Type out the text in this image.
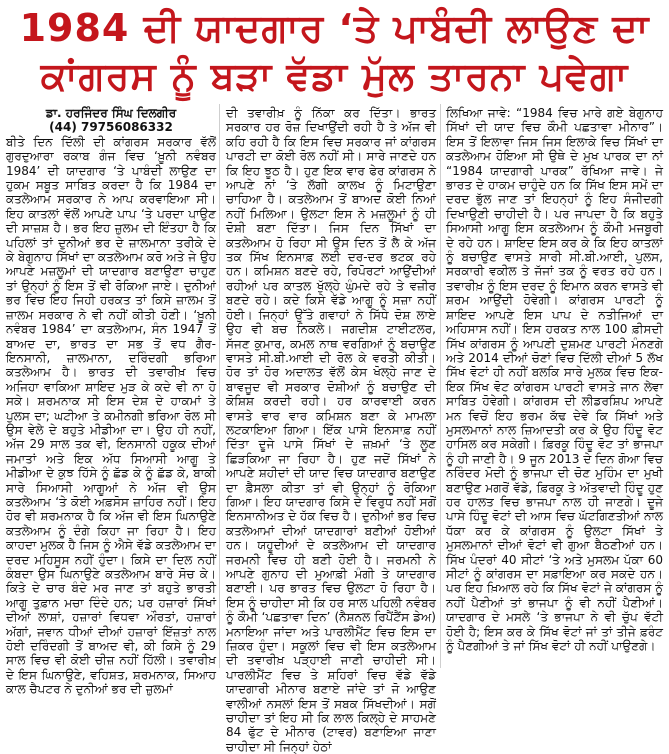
1984 ਦੀ ਯਾਦਗਾਰ ‘ਤੇ ਪਾਬੰਦੀ ਲਾਉਣ ਦਾ
ਕਾਂਗਰਸ ਨੂੰ ਬੜਾ ਵੱਡਾ ਮੁੱਲ ਤਾਰਨਾ ਪਵੇਗਾ

ਡਾ. ਹਰਜਿੰਦਰ ਸਿੰਘ ਦਿਲਗੀਰ

(44) 79756086332

ਬੀਤੇ ਦਿਨ ਦਿੱਲੀ ਦੀ ਕਾਂਗਰਸ ਸਰਕਾਰ ਵੱਲੋਂ ਗੁਰਦੁਆਰਾ ਰਕਾਬ ਗੰਜ ਵਿਚ ‘ਖ਼ੂਨੀ ਨਵੰਬਰ 1984’ ਦੀ ਯਾਦਗਾਰ ‘ਤੇ ਪਾਬੰਦੀ ਲਾਉਣ ਦਾ ਹੁਕਮ ਸਬੂਤ ਸਾਬਿਤ ਕਰਦਾ ਹੈ ਕਿ 1984 ਦਾ ਕਤਲੇਆਮ ਸਰਕਾਰ ਨੇ ਆਪ ਕਰਵਾਇਆ ਸੀ। ਇਹ ਕਾਤਲਾਂ ਵੱਲੋਂ ਆਪਣੇ ਪਾਪ ‘ਤੇ ਪਰਦਾ ਪਾਉਣ ਦੀ ਸਾਜ਼ਸ਼ ਹੈ। ਭਰ ਇਹ ਜ਼ੁਲਮ ਦੀ ਇੰਤਹਾ ਹੈ ਕਿ ਪਹਿਲਾਂ ਤਾਂ ਦੁਨੀਆਂ ਭਰ ਦੇ ਜ਼ਾਲਮਾਨਾ ਤਰੀਕੇ ਦੇ ਕੇ ਬੇਗੁਨਾਹ ਸਿੱਖਾਂ ਦਾ ਕਤਲੇਆਮ ਕਰੋ ਅਤੇ ਜੇ ਉਹ ਆਪਣੇ ਮਜ਼ਲੂਮਾਂ ਦੀ ਯਾਦਗਾਰ ਬਣਾਉਣਾ ਚਾਹੁਣ ਤਾਂ ਉਨ੍ਹਾਂ ਨੂੰ ਇਸ ਤੋਂ ਵੀ ਰੋਕਿਆ ਜਾਏ। ਦੁਨੀਆਂ ਭਰ ਵਿਚ ਇਹ ਜਿਹੀ ਹਰਕਤ ਤਾਂ ਕਿਸੇ ਜ਼ਾਲਮ ਤੋਂ ਜ਼ਾਲਮ ਸਰਕਾਰ ਨੇ ਵੀ ਨਹੀਂ ਕੀਤੀ ਹੋਣੀ। ‘ਖ਼ੂਨੀ ਨਵੰਬਰ 1984’ ਦਾ ਕਤਲੇਆਮ, ਸੰਨ 1947 ਤੋਂ ਬਾਅਦ ਦਾ, ਭਾਰਤ ਦਾ ਸਭ ਤੋਂ ਵਧ ਗੈਰ-ਇਨਸਾਨੀ, ਜ਼ਾਲਮਾਨਾ, ਦਰਿੰਦਗੀ ਭਰਿਆ ਕਤਲੇਆਮ ਹੈ। ਭਾਰਤ ਦੀ ਤਵਾਰੀਖ਼ ਵਿਚ ਅਜਿਹਾ ਵਾਕਿਆ ਸ਼ਾਇਦ ਮੁੜ ਕੇ ਕਦੇ ਵੀ ਨਾ ਹੋ ਸਕੇ। ਸ਼ਰਮਨਾਕ ਸੀ ਇਸ ਦੇਸ਼ ਦੇ ਹਾਕਮਾਂ ਤੇ ਪੁਲਸ ਦਾ; ਘਟੀਆ ਤੇ ਕਮੀਨਗੀ ਭਰਿਆ ਰੋਲ ਸੀ ਉਸ ਵੇਲੇ ਦੇ ਬਹੁਤੇ ਮੀਡੀਆ ਦਾ। ਉਹ ਹੀ ਨਹੀਂ, ਅੱਜ 29 ਸਾਲ ਤਕ ਵੀ, ਇਨਸਾਨੀ ਹਕੂਕ ਦੀਆਂ ਜਮਾਤਾਂ ਅਤੇ ਇਕ ਅੱਧ ਸਿਆਸੀ ਆਗੂ ਤੇ ਮੀਡੀਆ ਦੇ ਕੁਝ ਹਿੱਸੇ ਨੂੰ ਛੱਡ ਕੇ ਨੂੰ ਛੱਡ ਕੇ, ਬਾਕੀ ਸਾਰੇ ਸਿਆਸੀ ਆਗੂਆਂ ਨੇ ਅੱਜ ਵੀ ਉਸ ਕਤਲੇਆਮ ‘ਤੇ ਕੋਈ ਅਫ਼ਸੋਸ ਜ਼ਾਹਿਰ ਨਹੀਂ। ਇਹ ਹੋਰ ਵੀ ਸ਼ਰਮਨਾਕ ਹੈ ਕਿ ਅੱਜ ਵੀ ਇਸ ਘਿਨਾਉਣੇ ਕਤਲੇਆਮ ਨੂੰ ਦੰਗੇ ਕਿਹਾ ਜਾ ਰਿਹਾ ਹੈ। ਇਹ ਕਾਹਦਾ ਮੁਲਕ ਹੈ ਜਿਸ ਨੂੰ ਐਸੇ ਵੱਡੇ ਕਤਲੇਆਮ ਦਾ ਦਰਦ ਮਹਿਸੂਸ ਨਹੀਂ ਹੁੰਦਾ। ਕਿਸੇ ਦਾ ਦਿਲ ਨਹੀਂ ਕੰਬਦਾ ਉਸ ਘਿਨਾਉਣੇ ਕਤਲੇਆਮ ਬਾਰੇ ਸੋਚ ਕੇ। ਕਿਤੇ ਦੇ ਚਾਰ ਬੰਦੇ ਮਰ ਜਾਣ ਤਾਂ ਬਹੁਤੇ ਭਾਰਤੀ ਆਗੂ ਤੁਫ਼ਾਨ ਮਚਾ ਦਿੰਦੇ ਹਨ; ਪਰ ਹਜ਼ਾਰਾਂ ਸਿੱਖਾਂ ਦੀਆਂ ਲਾਸ਼ਾਂ, ਹਜ਼ਾਰਾਂ ਵਿਧਵਾ ਔਰਤਾਂ, ਹਜ਼ਾਰਾਂ ਅੱਗਾਂ, ਜਵਾਨ ਧੀਆਂ ਦੀਆਂ ਹਜ਼ਾਰਾਂ ਇੱਜ਼ਤਾਂ ਨਾਲ ਹੋਈ ਦਰਿੰਦਗੀ ਤੋਂ ਬਾਅਦ ਵੀ, ਕੀ ਕਿਸੇ ਨੂੰ 29 ਸਾਲ ਵਿਚ ਵੀ ਕੋਈ ਚੀਜ਼ ਨਹੀਂ ਹਿੱਲੀ। ਤਵਾਰੀਖ਼ ਦੇ ਇਸ ਘਿਨਾਉਣੇ, ਵਹਿਸ਼ਤ, ਸ਼ਰਮਨਾਕ, ਸਿਆਹ ਕਾਲ ਚੈਪਟਰ ਨੇ ਦੁਨੀਆਂ ਭਰ ਦੀ ਜ਼ੁਲਮਾਂ

ਦੀ ਤਵਾਰੀਖ਼ ਨੂੰ ਨਿੱਕਾ ਕਰ ਦਿੱਤਾ। ਭਾਰਤ ਸਰਕਾਰ ਹਰ ਰੋਜ਼ ਦਿਖਾਉਂਦੀ ਰਹੀ ਹੈ ਤੇ ਅੱਜ ਵੀ ਕਹਿ ਰਹੀ ਹੈ ਕਿ ਇਸ ਵਿਚ ਸਰਕਾਰ ਜਾਂ ਕਾਂਗਰਸ ਪਾਰਟੀ ਦਾ ਕੋਈ ਰੋਲ ਨਹੀਂ ਸੀ। ਸਾਰੇ ਜਾਣਦੇ ਹਨ ਕਿ ਇਹ ਝੂਠ ਹੈ। ਹੁਣ ਇਕ ਵਾਰ ਫੇਰ ਕਾਂਗਰਸ ਨੇ ਆਪਣੇ ਨਾਂ ‘ਤੇ ਲੱਗੀ ਕਾਲਖ ਨੂੰ ਮਿਟਾਉਣਾ ਚਾਹਿਆ ਹੈ। ਕਤਲੇਆਮ ਤੋਂ ਬਾਅਦ ਕੋਈ ਨਿਆਂ ਨਹੀਂ ਮਿਲਿਆ। ਉਲਟਾ ਇਸ ਨੇ ਮਜ਼ਲੂਮਾਂ ਨੂੰ ਹੀ ਦੋਸ਼ੀ ਬਣਾ ਦਿੱਤਾ। ਜਿਸ ਦਿਨ ਸਿੱਖਾਂ ਦਾ ਕਤਲੇਆਮ ਹੋ ਰਿਹਾ ਸੀ ਉਸ ਦਿਨ ਤੋਂ ਲੈ ਕੇ ਅੱਜ ਤਕ ਸਿੱਖ ਇਨਸਾਫ਼ ਲਈ ਦਰ-ਦਰ ਭਟਕ ਰਹੇ ਹਨ। ਕਮਿਸ਼ਨ ਬਣਦੇ ਰਹੇ, ਰਿਪੋਰਟਾਂ ਆਉਂਦੀਆਂ ਰਹੀਆਂ ਪਰ ਕਾਤਲ ਖੁੱਲ੍ਹੇ ਘੁੰਮਦੇ ਰਹੇ ਤੇ ਵਜ਼ੀਰ ਬਣਦੇ ਰਹੇ। ਕਦੇ ਕਿਸੇ ਵੱਡੇ ਆਗੂ ਨੂੰ ਸਜ਼ਾ ਨਹੀਂ ਹੋਈ। ਜਿਨ੍ਹਾਂ ਉੱਤੇ ਗਵਾਹਾਂ ਨੇ ਸਿੱਧੇ ਦੋਸ਼ ਲਾਏ ਉਹ ਵੀ ਬਚ ਨਿਕਲੇ। ਜਗਦੀਸ਼ ਟਾਈਟਲਰ, ਸੱਜਣ ਕੁਮਾਰ, ਕਮਲ ਨਾਥ ਵਰਗਿਆਂ ਨੂੰ ਬਚਾਉਣ ਵਾਸਤੇ ਸੀ.ਬੀ.ਆਈ ਦੀ ਰੋਲ ਕੇ ਵਰਤੀ ਕੀਤੀ। ਹੋਰ ਤਾਂ ਹੋਰ ਅਦਾਲਤ ਵੱਲੋਂ ਕੇਸ ਖੋਲ੍ਹੇ ਜਾਣ ਦੇ ਬਾਵਜੂਦ ਵੀ ਸਰਕਾਰ ਦੋਸ਼ੀਆਂ ਨੂੰ ਬਚਾਉਣ ਦੀ ਕੋਸ਼ਿਸ਼ ਕਰਦੀ ਰਹੀ। ਹਰ ਕਾਰਵਾਈ ਕਰਨ ਵਾਸਤੇ ਵਾਰ ਵਾਰ ਕਮਿਸ਼ਨ ਬਣਾ ਕੇ ਮਾਮਲਾ ਲਟਕਾਇਆ ਗਿਆ। ਇੱਕ ਪਾਸੇ ਇਨਸਾਫ਼ ਨਹੀਂ ਦਿੱਤਾ ਦੂਜੇ ਪਾਸੇ ਸਿੱਖਾਂ ਦੇ ਜ਼ਖ਼ਮਾਂ ‘ਤੇ ਲੂਣ ਛਿੜਕਿਆ ਜਾ ਰਿਹਾ ਹੈ। ਹੁਣ ਜਦੋਂ ਸਿੱਖਾਂ ਨੇ ਆਪਣੇ ਸ਼ਹੀਦਾਂ ਦੀ ਯਾਦ ਵਿਚ ਯਾਦਗਾਰ ਬਣਾਉਣ ਦਾ ਫ਼ੈਸਲਾ ਕੀਤਾ ਤਾਂ ਵੀ ਉਨ੍ਹਾਂ ਨੂੰ ਰੋਕਿਆ ਗਿਆ। ਇਹ ਯਾਦਗਾਰ ਕਿਸੇ ਦੇ ਵਿਰੁਧ ਨਹੀਂ ਸਗੋਂ ਇਨਸਾਨੀਅਤ ਦੇ ਹੱਕ ਵਿਚ ਹੈ। ਦੁਨੀਆਂ ਭਰ ਵਿਚ ਕਤਲੇਆਮਾਂ ਦੀਆਂ ਯਾਦਗਾਰਾਂ ਬਣੀਆਂ ਹੋਈਆਂ ਹਨ। ਯਹੂਦੀਆਂ ਦੇ ਕਤਲੇਆਮ ਦੀ ਯਾਦਗਾਰ ਜਰਮਨੀ ਵਿਚ ਹੀ ਬਣੀ ਹੋਈ ਹੈ। ਜਰਮਨੀ ਨੇ ਆਪਣੇ ਗੁਨਾਹ ਦੀ ਮੁਆਫ਼ੀ ਮੰਗੀ ਤੇ ਯਾਦਗਾਰ ਬਣਾਈ। ਪਰ ਭਾਰਤ ਵਿਚ ਉਲਟਾ ਹੋ ਰਿਹਾ ਹੈ। ਇਸ ਨੂੰ ਚਾਹੀਦਾ ਸੀ ਕਿ ਹਰ ਸਾਲ ਪਹਿਲੀ ਨਵੰਬਰ ਨੂੰ ਕੌਮੀ ‘ਪਛਤਾਵਾ ਦਿਨ’ (ਨੈਸ਼ਨਲ ਰਿਪੈਂਟੈਂਸ ਡੇਅ) ਮਨਾਇਆ ਜਾਂਦਾ ਅਤੇ ਪਾਰਲੀਮੈਂਟ ਵਿਚ ਇਸ ਦਾ ਜ਼ਿਕਰ ਹੁੰਦਾ। ਸਕੂਲਾਂ ਵਿਚ ਵੀ ਇਸ ਕਤਲੇਆਮ ਦੀ ਤਵਾਰੀਖ਼ ਪੜ੍ਹਾਈ ਜਾਣੀ ਚਾਹੀਦੀ ਸੀ। ਪਾਰਲੀਮੈਂਟ ਵਿਚ ਤੇ ਸ਼ਹਿਰਾਂ ਵਿਚ ਵੱਡੇ ਵੱਡੇ ਯਾਦਗਾਰੀ ਮੀਨਾਰ ਬਣਾਏ ਜਾਂਦੇ ਤਾਂ ਜੋ ਆਉਣ ਵਾਲੀਆਂ ਨਸਲਾਂ ਇਸ ਤੋਂ ਸਬਕ ਸਿੱਖਦੀਆਂ। ਸਗੋਂ ਚਾਹੀਦਾ ਤਾਂ ਇਹ ਸੀ ਕਿ ਲਾਲ ਕਿਲ੍ਹੇ ਦੇ ਸਾਹਮਣੇ 84 ਫੁੱਟ ਦੇ ਮੀਨਾਰ (ਟਾਵਰ) ਬਣਾਇਆ ਜਾਣਾ ਚਾਹੀਦਾ ਸੀ ਜਿਨ੍ਹਾਂ ਹੇਠਾਂ

ਲਿਖਿਆ ਜਾਵੇ: “1984 ਵਿਚ ਮਾਰੇ ਗਏ ਬੇਗੁਨਾਹ ਸਿੱਖਾਂ ਦੀ ਯਾਦ ਵਿਚ ਕੌਮੀ ਪਛਤਾਵਾ ਮੀਨਾਰ”। ਇਸ ਤੋਂ ਇਲਾਵਾ ਜਿਸ ਜਿਸ ਇਲਾਕੇ ਵਿਚ ਸਿੱਖਾਂ ਦਾ ਕਤਲੇਆਮ ਹੋਇਆ ਸੀ ਉਥੇ ਦੇ ਮੁਖ ਪਾਰਕ ਦਾ ਨਾਂ “1984 ਯਾਦਗਾਰੀ ਪਾਰਕ” ਰੱਖਿਆ ਜਾਵੇ। ਜੇ ਭਾਰਤ ਦੇ ਹਾਕਮ ਚਾਹੁੰਦੇ ਹਨ ਕਿ ਸਿੱਖ ਇਸ ਸਮੇਂ ਦਾ ਦਰਦ ਭੁੱਲ ਜਾਣ ਤਾਂ ਇਹਨ੍ਹਾਂ ਨੂੰ ਇਹ ਸੰਜੀਦਗੀ ਦਿਖਾਉਣੀ ਚਾਹੀਦੀ ਹੈ। ਪਰ ਜਾਪਦਾ ਹੈ ਕਿ ਬਹੁਤੇ ਸਿਆਸੀ ਆਗੂ ਇਸ ਕਤਲੇਆਮ ਨੂੰ ਕੌਮੀ ਮਜਬੂਰੀ ਦੇ ਰਹੇ ਹਨ। ਸ਼ਾਇਦ ਇਸ ਕਰ ਕੇ ਕਿ ਇਹ ਕਾਤਲਾਂ ਨੂੰ ਬਚਾਉਣ ਵਾਸਤੇ ਸਾਰੀ ਸੀ.ਬੀ.ਆਈ, ਪੁਲਸ, ਸਰਕਾਰੀ ਵਕੀਲ ਤੇ ਜੱਜਾਂ ਤਕ ਨੂੰ ਵਰਤ ਰਹੇ ਹਨ। ਤਵਾਰੀਖ਼ ਨੂੰ ਇਸ ਦਰਦ ਨੂੰ ਇਮਾਨ ਕਰਨ ਵਾਸਤੇ ਵੀ ਸ਼ਰਮ ਆਉਂਦੀ ਹੋਵੇਗੀ। ਕਾਂਗਰਸ ਪਾਰਟੀ ਨੂੰ ਸ਼ਾਇਦ ਆਪਣੇ ਇਸ ਪਾਪ ਦੇ ਨਤੀਜਿਆਂ ਦਾ ਅਹਿਸਾਸ ਨਹੀਂ। ਇਸ ਹਰਕਤ ਨਾਲ 100 ਫ਼ੀਸਦੀ ਸਿੱਖ ਕਾਂਗਰਸ ਨੂੰ ਆਪਣੀ ਦੁਸ਼ਮਣ ਪਾਰਟੀ ਮੰਨਣਗੇ ਅਤੇ 2014 ਦੀਆਂ ਚੋਣਾਂ ਵਿਚ ਦਿੱਲੀ ਦੀਆਂ 5 ਲੱਖ ਸਿੱਖ ਵੋਟਾਂ ਹੀ ਨਹੀਂ ਬਲਕਿ ਸਾਰੇ ਮੁਲਕ ਵਿਚ ਇਕ-ਇਕ ਸਿੱਖ ਵੋਟ ਕਾਂਗਰਸ ਪਾਰਟੀ ਵਾਸਤੇ ਜਾਨ ਲੇਵਾ ਸਾਬਿਤ ਹੋਵੇਗੀ। ਕਾਂਗਰਸ ਦੀ ਲੀਡਰਸ਼ਿਪ ਆਪਣੇ ਮਨ ਵਿਚੋਂ ਇਹ ਭਰਮ ਕੱਢ ਦੇਵੇ ਕਿ ਸਿੱਖਾਂ ਅਤੇ ਮੁਸਲਮਾਨਾਂ ਨਾਲ ਜ਼ਿਆਦਤੀ ਕਰ ਕੇ ਉਹ ਹਿੰਦੂ ਵੋਟ ਹਾਸਿਲ ਕਰ ਸਕੇਗੀ। ਫ਼ਿਰਕੂ ਹਿੰਦੂ ਵੋਟ ਤਾਂ ਭਾਜਪਾ ਨੂੰ ਹੀ ਜਾਣੀ ਹੈ। 9 ਜੂਨ 2013 ਦੇ ਦਿਨ ਗੋਆ ਵਿਚ ਨਰਿੰਦਰ ਮੋਦੀ ਨੂੰ ਭਾਜਪਾ ਦੀ ਚੋਣ ਮੁਹਿੰਮ ਦਾ ਮੁਖੀ ਬਣਾਉਣ ਮਗਰੋਂ ਵੱਡੇ, ਫ਼ਿਰਕੂ ਤੇ ਅੱਤਵਾਦੀ ਹਿੰਦੂ ਹੁਣ ਹਰ ਹਾਲਤ ਵਿਚ ਭਾਜਪਾ ਨਾਲ ਹੀ ਜਾਣਗੇ। ਦੂਜੇ ਪਾਸੇ ਹਿੰਦੂ ਵੋਟਾਂ ਦੀ ਆਸ ਵਿਚ ਘੱਟਗਿਣਤੀਆਂ ਨਾਲ ਧੱਕਾ ਕਰ ਕੇ ਕਾਂਗਰਸ ਨੂੰ ਉਲਟਾ ਸਿੱਖਾਂ ਤੇ ਮੁਸਲਮਾਨਾਂ ਦੀਆਂ ਵੋਟਾਂ ਵੀ ਗੁਆ ਬੈਠਣੀਆਂ ਹਨ। ਸਿੱਖ ਪੰਦਰਾਂ 40 ਸੀਟਾਂ ‘ਤੇ ਅਤੇ ਮੁਸਲਮ ਪੱਕਾ 60 ਸੀਟਾਂ ਨੂੰ ਕਾਂਗਰਸ ਦਾ ਸਫ਼ਾਇਆ ਕਰ ਸਕਦੇ ਹਨ। ਪਰ ਇਹ ਖ਼ਿਆਲ ਰਹੇ ਕਿ ਸਿੱਖ ਵੋਟਾਂ ਜੇ ਕਾਂਗਰਸ ਨੂੰ ਨਹੀਂ ਪੈਣੀਆਂ ਤਾਂ ਭਾਜਪਾ ਨੂੰ ਵੀ ਨਹੀਂ ਪੈਣੀਆਂ। ਯਾਦਗਾਰ ਦੇ ਮਸਲੇ ‘ਤੇ ਭਾਜਪਾ ਨੇ ਵੀ ਚੁੱਪ ਵੱਟੀ ਹੋਈ ਹੈ; ਇਸ ਕਰ ਕੇ ਸਿੱਖ ਵੋਟਾਂ ਜਾਂ ਤਾਂ ਤੀਜੇ ਫ਼ਰੰਟ ਨੂੰ ਪੈਣਗੀਆਂ ਤੇ ਜਾਂ ਸਿੱਖ ਵੋਟਾਂ ਹੀ ਨਹੀਂ ਪਾਉਣਗੇ।
